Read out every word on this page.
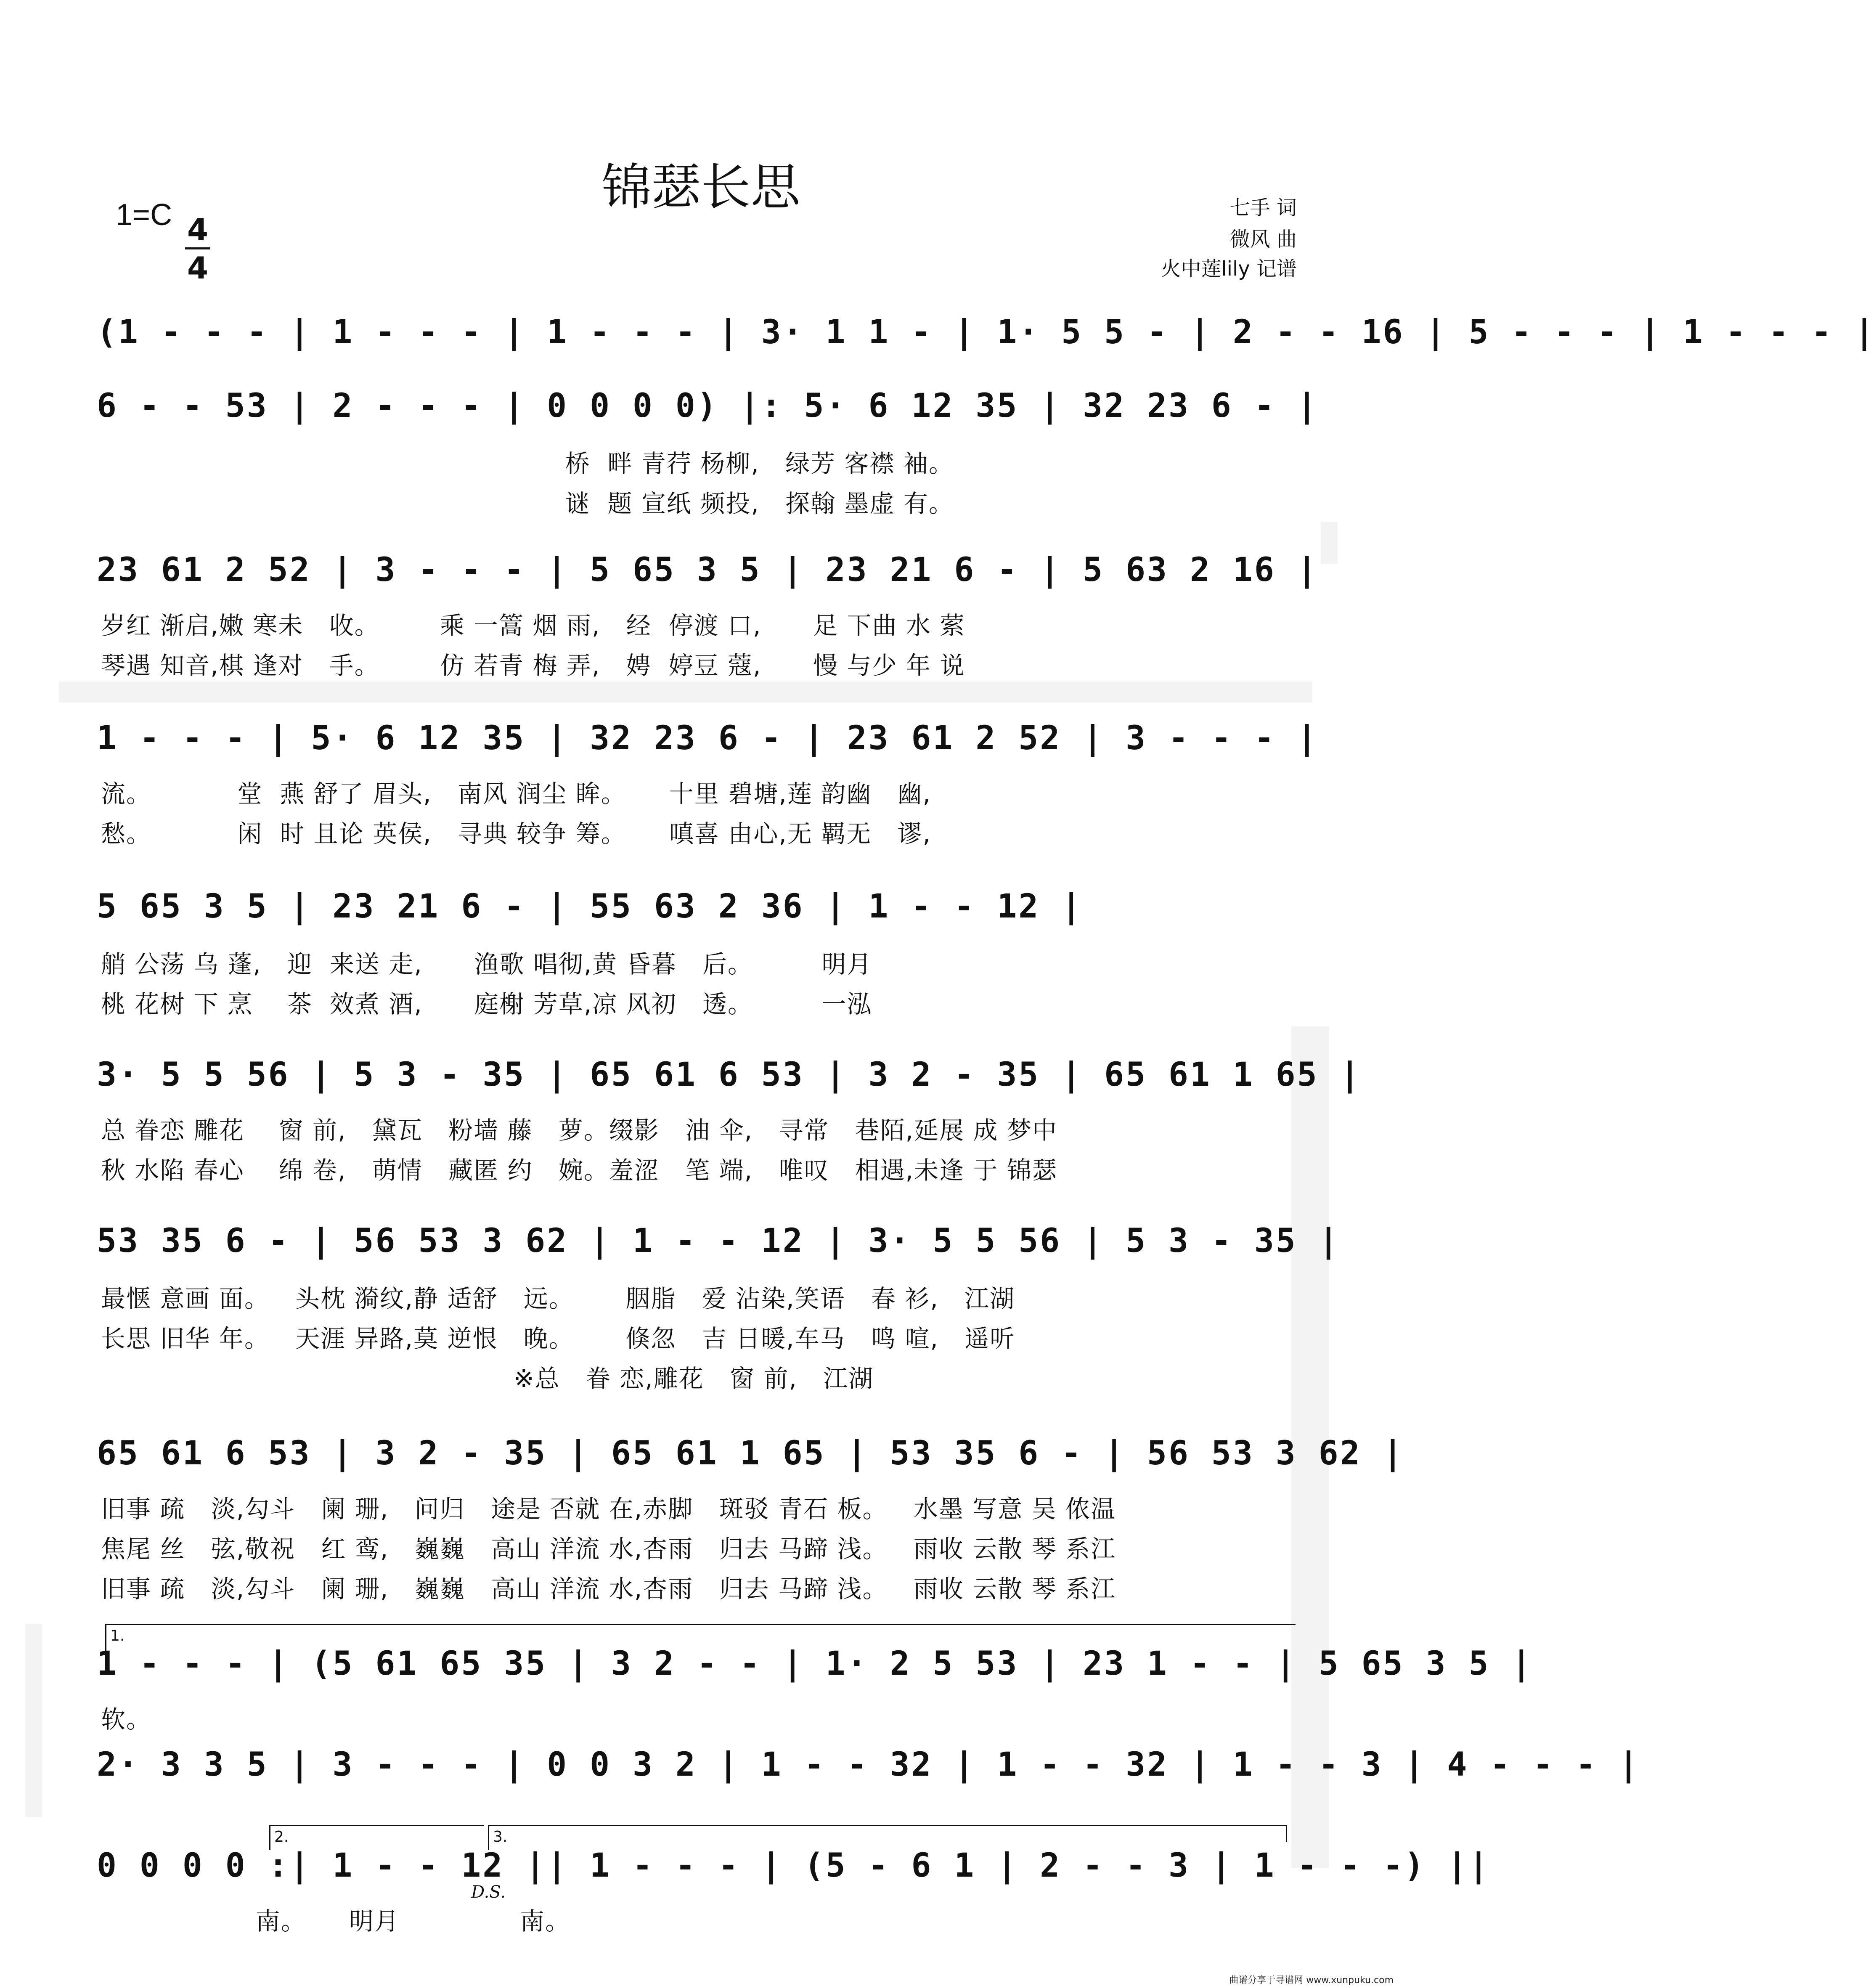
锦瑟长思
$1=C \frac{4}{4}$
七手 词
微风 曲
火中莲lily 记谱
(1 - - - | 1 - - - | 1 - - - | 3· 1 1 - | 1· 5 5 - | 2 - - 16 | 5 - - - | 1 - - - |
6 - - 53 | 2 - - - | 0 0 0 0) |: 5· 6 12 35 | 32 23 6 - |
桥  畔 青荇 杨柳,   绿芳 客襟 袖。
谜  题 宣纸 频投,   探翰 墨虚 有。
23 61 2 52 | 3 - - - | 5 65 3 5 | 23 21 6 - | 5 63 2 16 |
岁红 渐启,嫩 寒未   收。       乘 一篙 烟 雨,   经  停渡 口,      足 下曲 水 萦
琴遇 知音,棋 逢对   手。       仿 若青 梅 弄,   娉  婷豆 蔻,      慢 与少 年 说
1 - - - | 5· 6 12 35 | 32 23 6 - | 23 61 2 52 | 3 - - - |
流。          堂  燕 舒了 眉头,   南风 润尘 眸。     十里 碧塘,莲 韵幽   幽,
愁。          闲  时 且论 英侯,   寻典 较争 筹。     嗔喜 由心,无 羁无   谬,
5 65 3 5 | 23 21 6 - | 55 63 2 36 | 1 - - 12 |
艄 公荡 乌 蓬,   迎  来送 走,      渔歌 唱彻,黄 昏暮   后。        明月
桃 花树 下 烹    茶  效煮 酒,      庭榭 芳草,凉 风初   透。        一泓
3· 5 5 56 | 5 3 - 35 | 65 61 6 53 | 3 2 - 35 | 65 61 1 65 |
总 眷恋 雕花    窗 前,   黛瓦   粉墙 藤   萝。缀影   油 伞,   寻常   巷陌,延展 成 梦中
秋 水陷 春心    绵 卷,   萌情   藏匿 约   婉。羞涩   笔 端,   唯叹   相遇,未逢 于 锦瑟
53 35 6 - | 56 53 3 62 | 1 - - 12 | 3· 5 5 56 | 5 3 - 35 |
最惬 意画 面。   头枕 漪纹,静 适舒   远。      胭脂   爱 沾染,笑语   春 衫,   江湖
长思 旧华 年。   天涯 异路,莫 逆恨   晚。      倏忽   吉 日暖,车马   鸣 喧,   遥听
※总   眷 恋,雕花   窗 前,   江湖
65 61 6 53 | 3 2 - 35 | 65 61 1 65 | 53 35 6 - | 56 53 3 62 |
旧事 疏   淡,勾斗   阑 珊,   问归   途是 否就 在,赤脚   斑驳 青石 板。   水墨 写意 吴 侬温
焦尾 丝   弦,敬祝   红 鸾,   巍巍   高山 洋流 水,杏雨   归去 马蹄 浅。   雨收 云散 琴 系江
旧事 疏   淡,勾斗   阑 珊,   巍巍   高山 洋流 水,杏雨   归去 马蹄 浅。   雨收 云散 琴 系江
1.
1 - - - | (5 61 65 35 | 3 2 - - | 1· 2 5 53 | 23 1 - - | 5 65 3 5 |
软。
2· 3 3 5 | 3 - - - | 0 0 3 2 | 1 - - 32 | 1 - - 32 | 1 - - 3 | 4 - - - |
2.	3.
0 0 0 0 :| 1 - - 12 || 1 - - - | (5 - 6 1 | 2 - - 3 | 1 - - -) ||
D.S.
南。     明月              南。
曲谱分享于寻谱网 www.xunpuku.com
